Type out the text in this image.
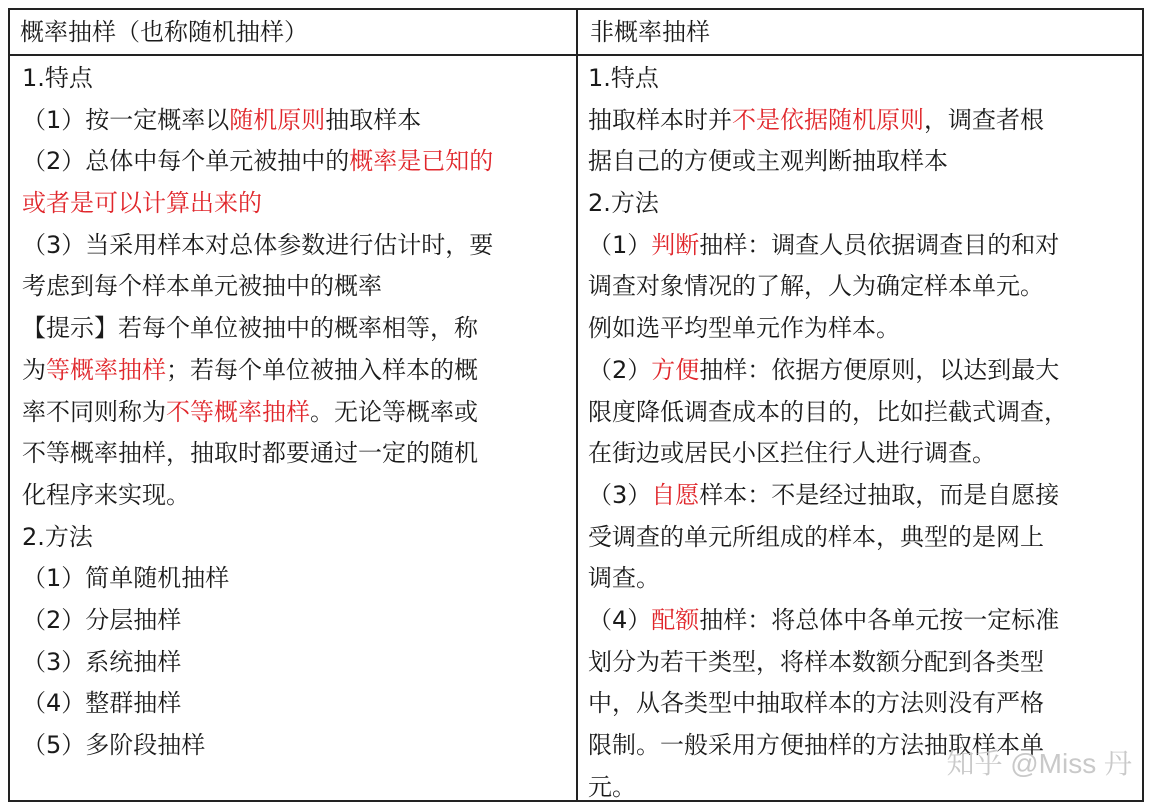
概率抽样（也称随机抽样）	非概率抽样
1.特点
（1）按一定概率以随机原则抽取样本
（2）总体中每个单元被抽中的概率是已知的
或者是可以计算出来的
（3）当采用样本对总体参数进行估计时，要
考虑到每个样本单元被抽中的概率
【提示】若每个单位被抽中的概率相等，称
为等概率抽样；若每个单位被抽入样本的概
率不同则称为不等概率抽样。无论等概率或
不等概率抽样，抽取时都要通过一定的随机
化程序来实现。
2.方法
（1）简单随机抽样
（2）分层抽样
（3）系统抽样
（4）整群抽样
（5）多阶段抽样
1.特点
抽取样本时并不是依据随机原则，调查者根
据自己的方便或主观判断抽取样本
2.方法
（1）判断抽样：调查人员依据调查目的和对
调查对象情况的了解，人为确定样本单元。
例如选平均型单元作为样本。
（2）方便抽样：依据方便原则，以达到最大
限度降低调查成本的目的，比如拦截式调查，
在街边或居民小区拦住行人进行调查。
（3）自愿样本：不是经过抽取，而是自愿接
受调查的单元所组成的样本，典型的是网上
调查。
（4）配额抽样：将总体中各单元按一定标准
划分为若干类型，将样本数额分配到各类型
中，从各类型中抽取样本的方法则没有严格
限制。一般采用方便抽样的方法抽取样本单
元。
知乎 @Miss 丹
